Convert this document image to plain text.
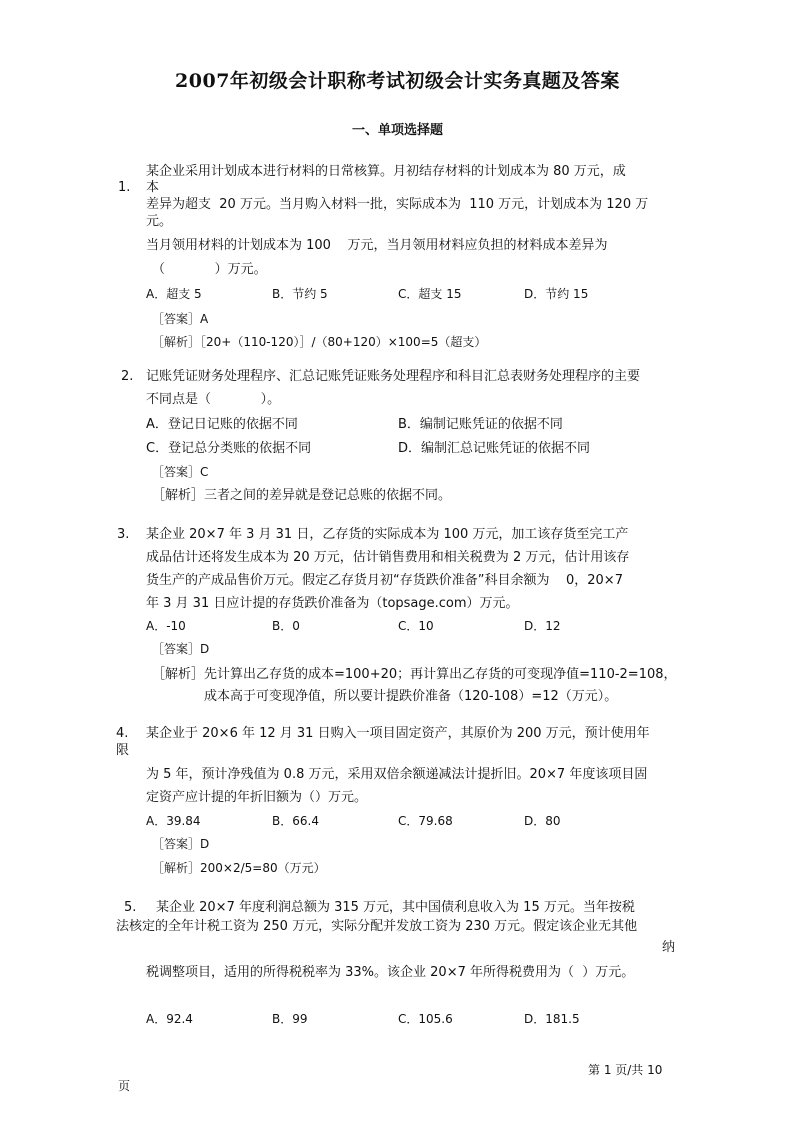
2007年初级会计职称考试初级会计实务真题及答案
一、单项选择题
某企业采用计划成本进行材料的日常核算。月初结存材料的计划成本为 80 万元，成
1. 本
差异为超支  20 万元。当月购入材料一批，实际成本为  110 万元，计划成本为 120 万
元。
当月领用材料的计划成本为 100    万元，当月领用材料应负担的材料成本差异为
（            ）万元。
A．超支 5	B．节约 5	C．超支 15	D．节约 15
［答案］A
［解析］［20+（110-120）］/（80+120）×100=5（超支）
2. 记账凭证财务处理程序、汇总记账凭证账务处理程序和科目汇总表财务处理程序的主要
不同点是（            ）。
A．登记日记账的依据不同	B．编制记账凭证的依据不同
C．登记总分类账的依据不同	D．编制汇总记账凭证的依据不同
［答案］C
［解析］三者之间的差异就是登记总账的依据不同。
3. 某企业 20×7 年 3 月 31 日，乙存货的实际成本为 100 万元，加工该存货至完工产
成品估计还将发生成本为 20 万元，估计销售费用和相关税费为 2 万元，估计用该存
货生产的产成品售价万元。假定乙存货月初“存货跌价准备”科目余额为    0，20×7
年 3 月 31 日应计提的存货跌价准备为（topsage.com）万元。
A．-10	B．0	C．10	D．12
［答案］D
［解析］先计算出乙存货的成本=100+20；再计算出乙存货的可变现净值=110-2=108，
成本高于可变现净值，所以要计提跌价准备（120-108）=12（万元）。
4. 某企业于 20×6 年 12 月 31 日购入一项目固定资产，其原价为 200 万元，预计使用年
限
为 5 年，预计净残值为 0.8 万元，采用双倍余额递减法计提折旧。20×7 年度该项目固
定资产应计提的年折旧额为（）万元。
A．39.84	B．66.4	C．79.68	D．80
［答案］D
［解析］200×2/5=80（万元）
5. 某企业 20×7 年度利润总额为 315 万元，其中国债利息收入为 15 万元。当年按税
法核定的全年计税工资为 250 万元，实际分配并发放工资为 230 万元。假定该企业无其他
纳
税调整项目，适用的所得税税率为 33%。该企业 20×7 年所得税费用为（  ）万元。
A．92.4	B．99	C．105.6	D．181.5
第 1 页/共 10
页
